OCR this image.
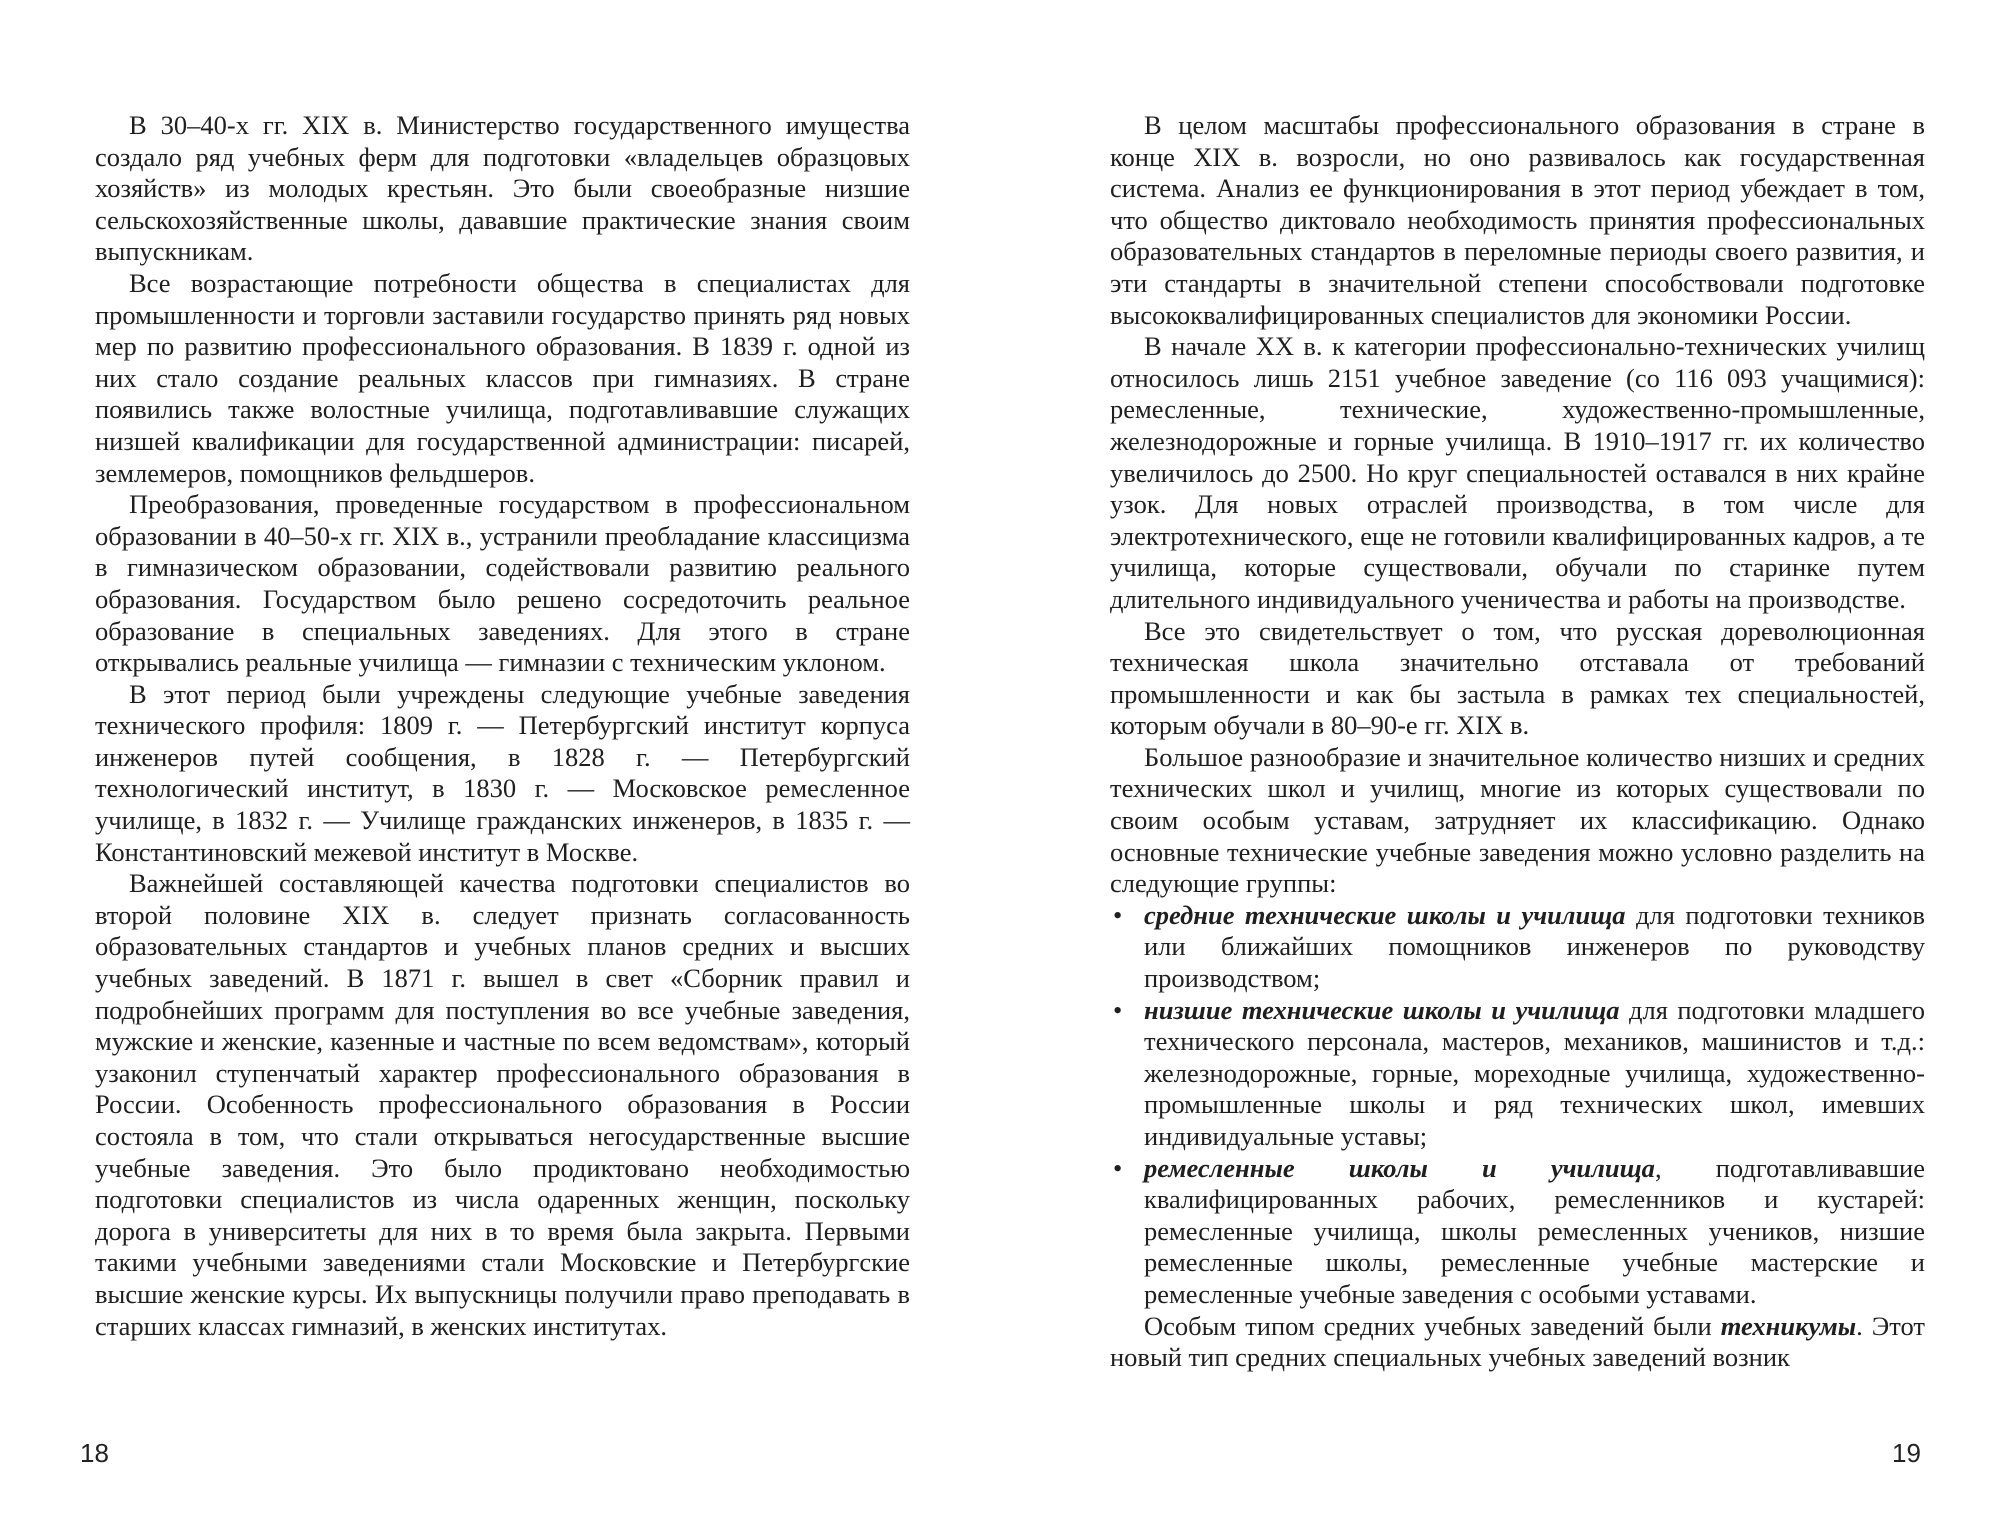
В 30–40-х гг. XIX в. Министерство государственного имущества создало ряд учебных ферм для подготовки «владельцев образцовых хозяйств» из молодых крестьян. Это были своеобразные низшие сельскохозяйственные школы, дававшие практические знания своим выпускникам.

Все возрастающие потребности общества в специалистах для промышленности и торговли заставили государство принять ряд новых мер по развитию профессионального образования. В 1839 г. одной из них стало создание реальных классов при гимназиях. В стране появились также волостные училища, подготавливавшие служащих низшей квалификации для государственной администрации: писарей, землемеров, помощников фельдшеров.

Преобразования, проведенные государством в профессиональном образовании в 40–50-х гг. XIX в., устранили преобладание классицизма в гимназическом образовании, содействовали развитию реального образования. Государством было решено сосредоточить реальное образование в специальных заведениях. Для этого в стране открывались реальные училища — гимназии с техническим уклоном.

В этот период были учреждены следующие учебные заведения технического профиля: 1809 г. — Петербургский институт корпуса инженеров путей сообщения, в 1828 г. — Петербургский технологический институт, в 1830 г. — Московское ремесленное училище, в 1832 г. — Училище гражданских инженеров, в 1835 г. — Константиновский межевой институт в Москве.

Важнейшей составляющей качества подготовки специалистов во второй половине XIX в. следует признать согласованность образовательных стандартов и учебных планов средних и высших учебных заведений. В 1871 г. вышел в свет «Сборник правил и подробнейших программ для поступления во все учебные заведения, мужские и женские, казенные и частные по всем ведомствам», который узаконил ступенчатый характер профессионального образования в России. Особенность профессионального образования в России состояла в том, что стали открываться негосударственные высшие учебные заведения. Это было продиктовано необходимостью подготовки специалистов из числа одаренных женщин, поскольку дорога в университеты для них в то время была закрыта. Первыми такими учебными заведениями стали Московские и Петербургские высшие женские курсы. Их выпускницы получили право преподавать в старших классах гимназий, в женских институтах.

В целом масштабы профессионального образования в стране в конце XIX в. возросли, но оно развивалось как государственная система. Анализ ее функционирования в этот период убеждает в том, что общество диктовало необходимость принятия профессиональных образовательных стандартов в переломные периоды своего развития, и эти стандарты в значительной степени способствовали подготовке высококвалифицированных специалистов для экономики России.

В начале XX в. к категории профессионально-технических училищ относилось лишь 2151 учебное заведение (со 116 093 учащимися): ремесленные, технические, художественно-промышленные, железнодорожные и горные училища. В 1910–1917 гг. их количество увеличилось до 2500. Но круг специальностей оставался в них крайне узок. Для новых отраслей производства, в том числе для электротехнического, еще не готовили квалифицированных кадров, а те училища, которые существовали, обучали по старинке путем длительного индивидуального ученичества и работы на производстве.

Все это свидетельствует о том, что русская дореволюционная техническая школа значительно отставала от требований промышленности и как бы застыла в рамках тех специальностей, которым обучали в 80–90-е гг. XIX в.

Большое разнообразие и значительное количество низших и средних технических школ и училищ, многие из которых существовали по своим особым уставам, затрудняет их классификацию. Однако основные технические учебные заведения можно условно разделить на следующие группы:

• средние технические школы и училища для подготовки техников или ближайших помощников инженеров по руководству производством;
• низшие технические школы и училища для подготовки младшего технического персонала, мастеров, механиков, машинистов и т.д.: железнодорожные, горные, мореходные училища, художественно-промышленные школы и ряд технических школ, имевших индивидуальные уставы;
• ремесленные школы и училища, подготавливавшие квалифицированных рабочих, ремесленников и кустарей: ремесленные училища, школы ремесленных учеников, низшие ремесленные школы, ремесленные учебные мастерские и ремесленные учебные заведения с особыми уставами.

Особым типом средних учебных заведений были техникумы. Этот новый тип средних специальных учебных заведений возник

18	19
